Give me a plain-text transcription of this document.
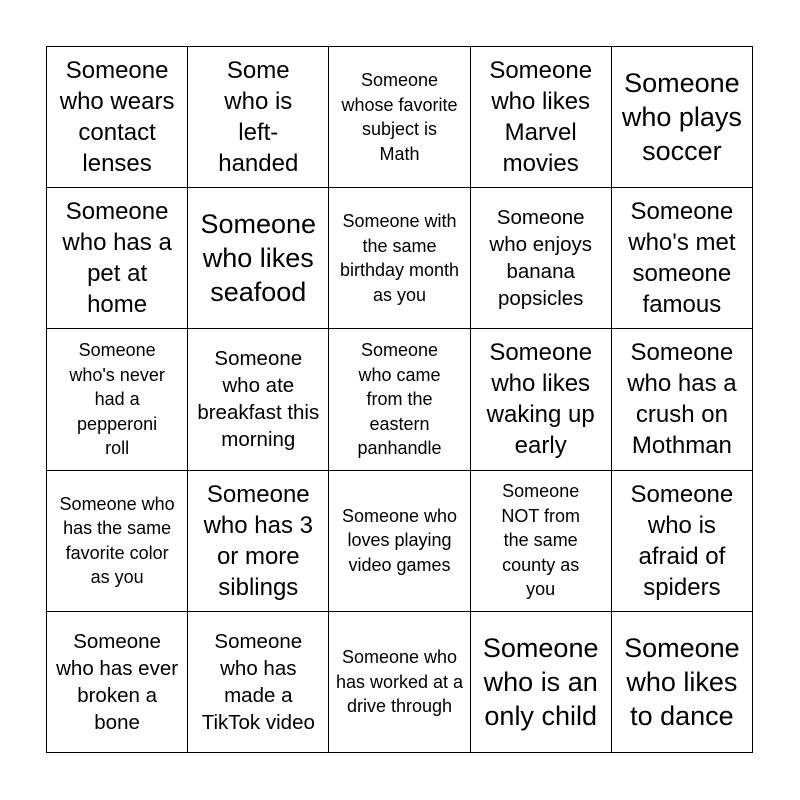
Someone who wears contact lenses
Some who is left-handed
Someone whose favorite subject is Math
Someone who likes Marvel movies
Someone who plays soccer
Someone who has a pet at home
Someone who likes seafood
Someone with the same birthday month as you
Someone who enjoys banana popsicles
Someone who's met someone famous
Someone who's never had a pepperoni roll
Someone who ate breakfast this morning
Someone who came from the eastern panhandle
Someone who likes waking up early
Someone who has a crush on Mothman
Someone who has the same favorite color as you
Someone who has 3 or more siblings
Someone who loves playing video games
Someone NOT from the same county as you
Someone who is afraid of spiders
Someone who has ever broken a bone
Someone who has made a TikTok video
Someone who has worked at a drive through
Someone who is an only child
Someone who likes to dance
